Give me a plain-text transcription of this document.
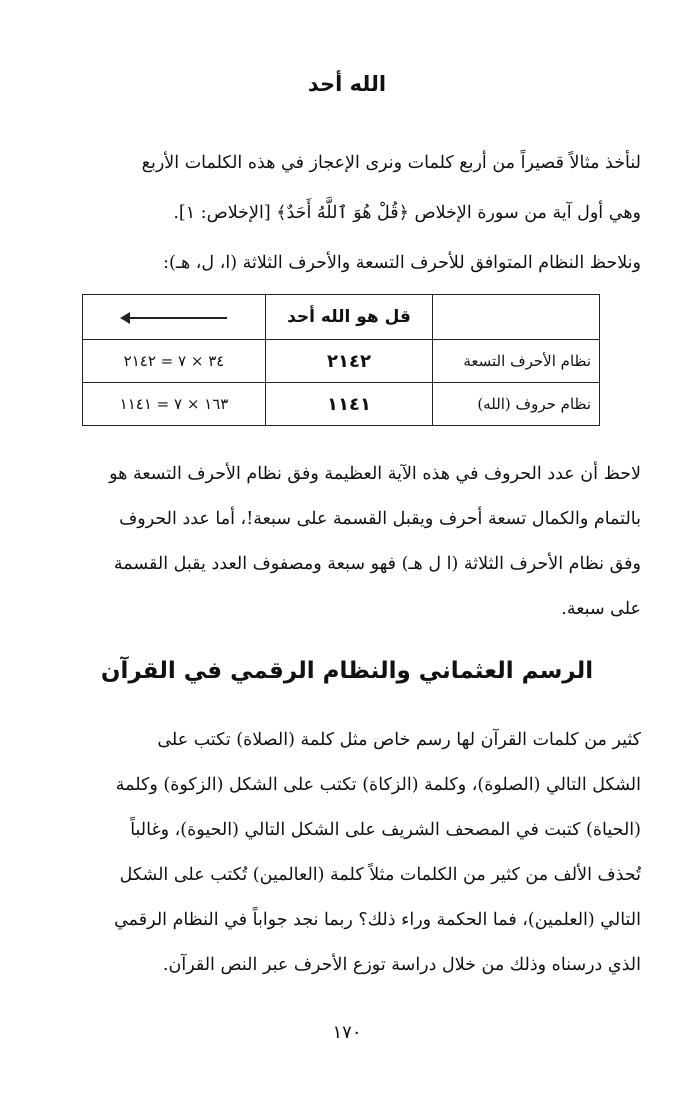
الله أحد

لنأخذ مثالاً قصيراً من أربع كلمات ونرى الإعجاز في هذه الكلمات الأربع

وهي أول آية من سورة الإخلاص ﴿قُلْ هُوَ ٱللَّهُ أَحَدٌ﴾ [الإخلاص: ١].

ونلاحظ النظام المتوافق للأحرف التسعة والأحرف الثلاثة (ا، ل، هـ):

	قل هو الله أحد	
نظام الأحرف التسعة	٢١٤٢	٣٤ × ٧ = ٢١٤٢
نظام حروف (الله)	١١٤١	١٦٣ × ٧ = ١١٤١

لاحظ أن عدد الحروف في هذه الآية العظيمة وفق نظام الأحرف التسعة هو

بالتمام والكمال تسعة أحرف ويقبل القسمة على سبعة!، أما عدد الحروف

وفق نظام الأحرف الثلاثة (ا ل هـ) فهو سبعة ومصفوف العدد يقبل القسمة

على سبعة.

الرسم العثماني والنظام الرقمي في القرآن

كثير من كلمات القرآن لها رسم خاص مثل كلمة (الصلاة) تكتب على

الشكل التالي (الصلوة)، وكلمة (الزكاة) تكتب على الشكل (الزكوة) وكلمة

(الحياة) كتبت في المصحف الشريف على الشكل التالي (الحيوة)، وغالباً

تُحذف الألف من كثير من الكلمات مثلاً كلمة (العالمين) تُكتب على الشكل

التالي (العلمين)، فما الحكمة وراء ذلك؟ ربما نجد جواباً في النظام الرقمي

الذي درسناه وذلك من خلال دراسة توزع الأحرف عبر النص القرآن.

١٧٠
